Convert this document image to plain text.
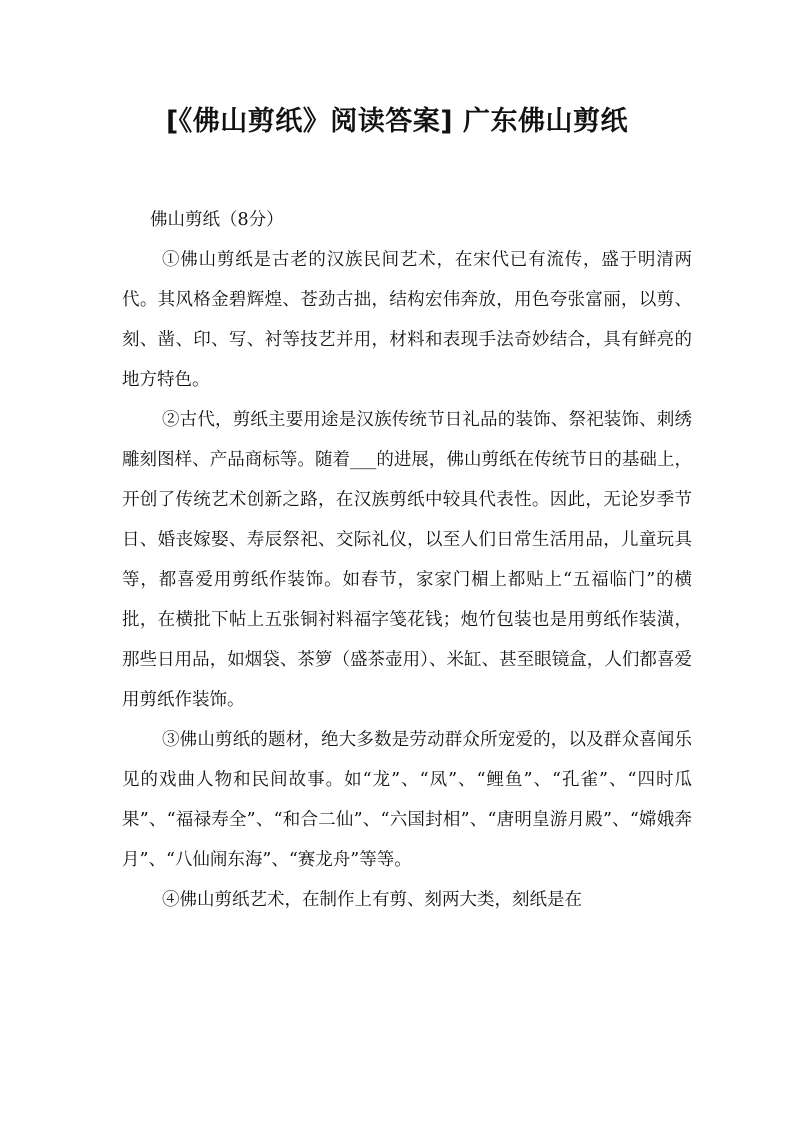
[《佛山剪纸》阅读答案] 广东佛山剪纸

佛山剪纸（8分）

①佛山剪纸是古老的汉族民间艺术，在宋代已有流传，盛于明清两代。其风格金碧辉煌、苍劲古拙，结构宏伟奔放，用色夸张富丽，以剪、刻、凿、印、写、衬等技艺并用，材料和表现手法奇妙结合，具有鲜亮的地方特色。

②古代，剪纸主要用途是汉族传统节日礼品的装饰、祭祀装饰、刺绣雕刻图样、产品商标等。随着___的进展，佛山剪纸在传统节日的基础上，开创了传统艺术创新之路，在汉族剪纸中较具代表性。因此，无论岁季节日、婚丧嫁娶、寿辰祭祀、交际礼仪，以至人们日常生活用品，儿童玩具等，都喜爱用剪纸作装饰。如春节，家家门楣上都贴上“五福临门”的横批，在横批下帖上五张铜衬料福字笺花钱；炮竹包装也是用剪纸作装潢，那些日用品，如烟袋、茶箩（盛茶壶用）、米缸、甚至眼镜盒，人们都喜爱用剪纸作装饰。

③佛山剪纸的题材，绝大多数是劳动群众所宠爱的，以及群众喜闻乐见的戏曲人物和民间故事。如“龙”、“凤”、“鲤鱼”、“孔雀”、“四时瓜果”、“福禄寿全”、“和合二仙”、“六国封相”、“唐明皇游月殿”、“嫦娥奔月”、“八仙闹东海”、“赛龙舟”等等。

④佛山剪纸艺术，在制作上有剪、刻两大类，刻纸是在
